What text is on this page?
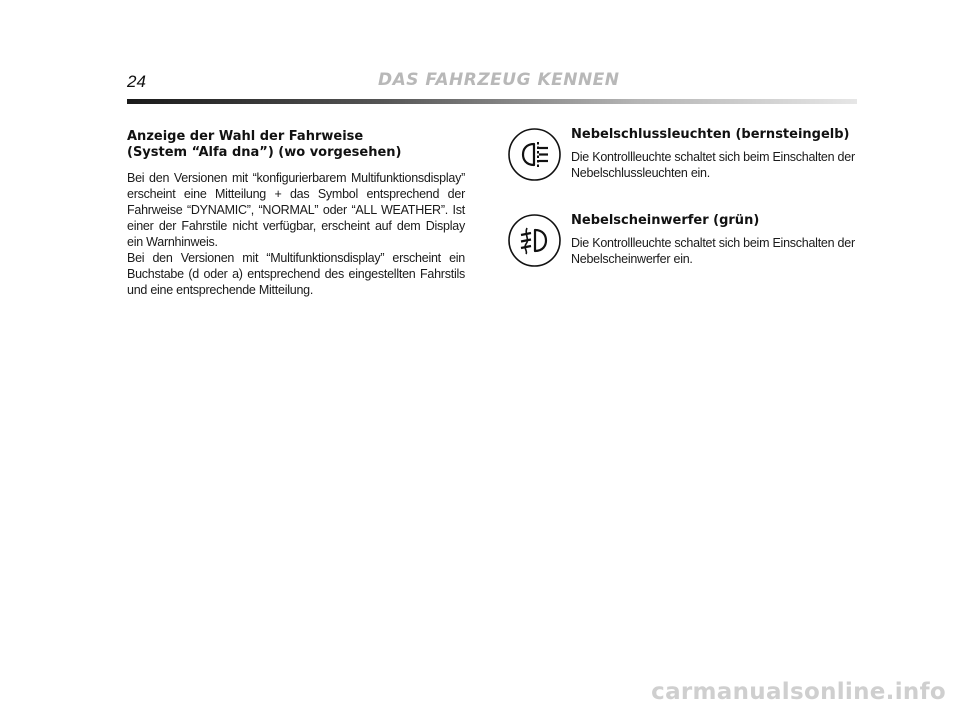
24	DAS FAHRZEUG KENNEN
Anzeige der Wahl der Fahrweise
(System “Alfa dna”) (wo vorgesehen)

Bei den Versionen mit “konfigurierbarem Multifunktionsdisplay” erscheint eine Mitteilung + das Symbol entsprechend der Fahrweise “DYNAMIC”, “NORMAL” oder “ALL WEATHER”. Ist einer der Fahrstile nicht verfügbar, erscheint auf dem Display ein Warnhinweis.

Bei den Versionen mit “Multifunktionsdisplay” erscheint ein Buchstabe (d oder a) entsprechend des eingestellten Fahrstils und eine entsprechende Mitteilung.

Nebelschlussleuchten (bernsteingelb)

Die Kontrollleuchte schaltet sich beim Einschalten der Nebelschlussleuchten ein.

Nebelscheinwerfer (grün)

Die Kontrollleuchte schaltet sich beim Einschalten der Nebelscheinwerfer ein.

carmanualsonline.info
